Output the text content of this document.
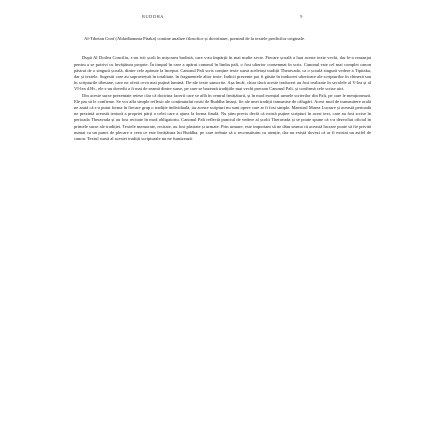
BUDDHA	9
Al-Tibetan Conf (Abhidhamma Pitaka) contine analize filosofice și doctrinare, pornind de la textele predicilor originale.

După Al Doilea Conciliu, s-au ivit școli în mișcarea budistă, care s-au împărțit în mai multe secte. Fiecare școală a luat aceste texte vechi, dar le-a rearanjat pentru a se potrivi cu învățătura proprie. În timpul în care a apărut canonul în limba pali, o fost ulterior consemnat în scris. Canonul este cel mai complet canon păstrat de o singură școală, dintre cele apărute la început. Canonul Pali scris conține texte sursă aceleiași tradiții Theravada, ca o școală singură vedere a Tipitaka, dar și textele. Sugestii care au supraviețuit în totalitate, în fragmentele altor texte. Indicii prezente pot fi găsite în traduceri ulterioare ale scripturilor în chineză sau în scripturile tibetane, care ne oferă ceva mai puțină lumină. De-ale texte sanscrite. Așa încât, chiar dacă aceste traduceri au fost realizate în secolele al V-lea și al VI-lea d.Hr., ele s-au dovedit a fi mai de seamă dintre surse, pe care se bazează tradițiile mai vechi precum Canonul Pali, și confirmă cele scrise aici.

Din aceste surse prezentate reiese clar că doctrina facerii care se află în centrul învățăturii, și în mod esențial urmele scrierilor din Pali, pe care le menționează. Ele par să le confirme. Se vor afla simple reflexii ale conținutului rostit de Buddha însuși, fie ale unei tradiții transmise de călugări. Acest mod de transmitere orală ne arată că s-a putut forma în fiecare grup o tradiție individuală, iar aceste scripturi nu sunt opere care ar fi fost simple. Maestrul Marea Lucrare și această perioadă ne prezintă această textură a propriei părți a celei care a ajuns la forma finală. Nu știm precis decât că există puține scripturi în acest text, care au fost scrise în perioada Theravada și au fost recitate în mod obligatoriu. Canonul Pali reflectă punctul de vedere al școlii Theravada și se poate spune că s-a dezvoltat oficial în primele surse ale tradiției. Textele memorate, recitate, au fost păstrate și urmate. Prin urmare, este important să ne dăm seama că această lucrare poate să fie privită numai ca un punct de plecare a ceea ce este învățătura lui Buddha, pe care trebuie să o reconstituim cu atenție, dar nu există dovezi că ar fi existat un astfel de canon. Textul sursă al acestei tradiții scripturale nu ne furnizează.
